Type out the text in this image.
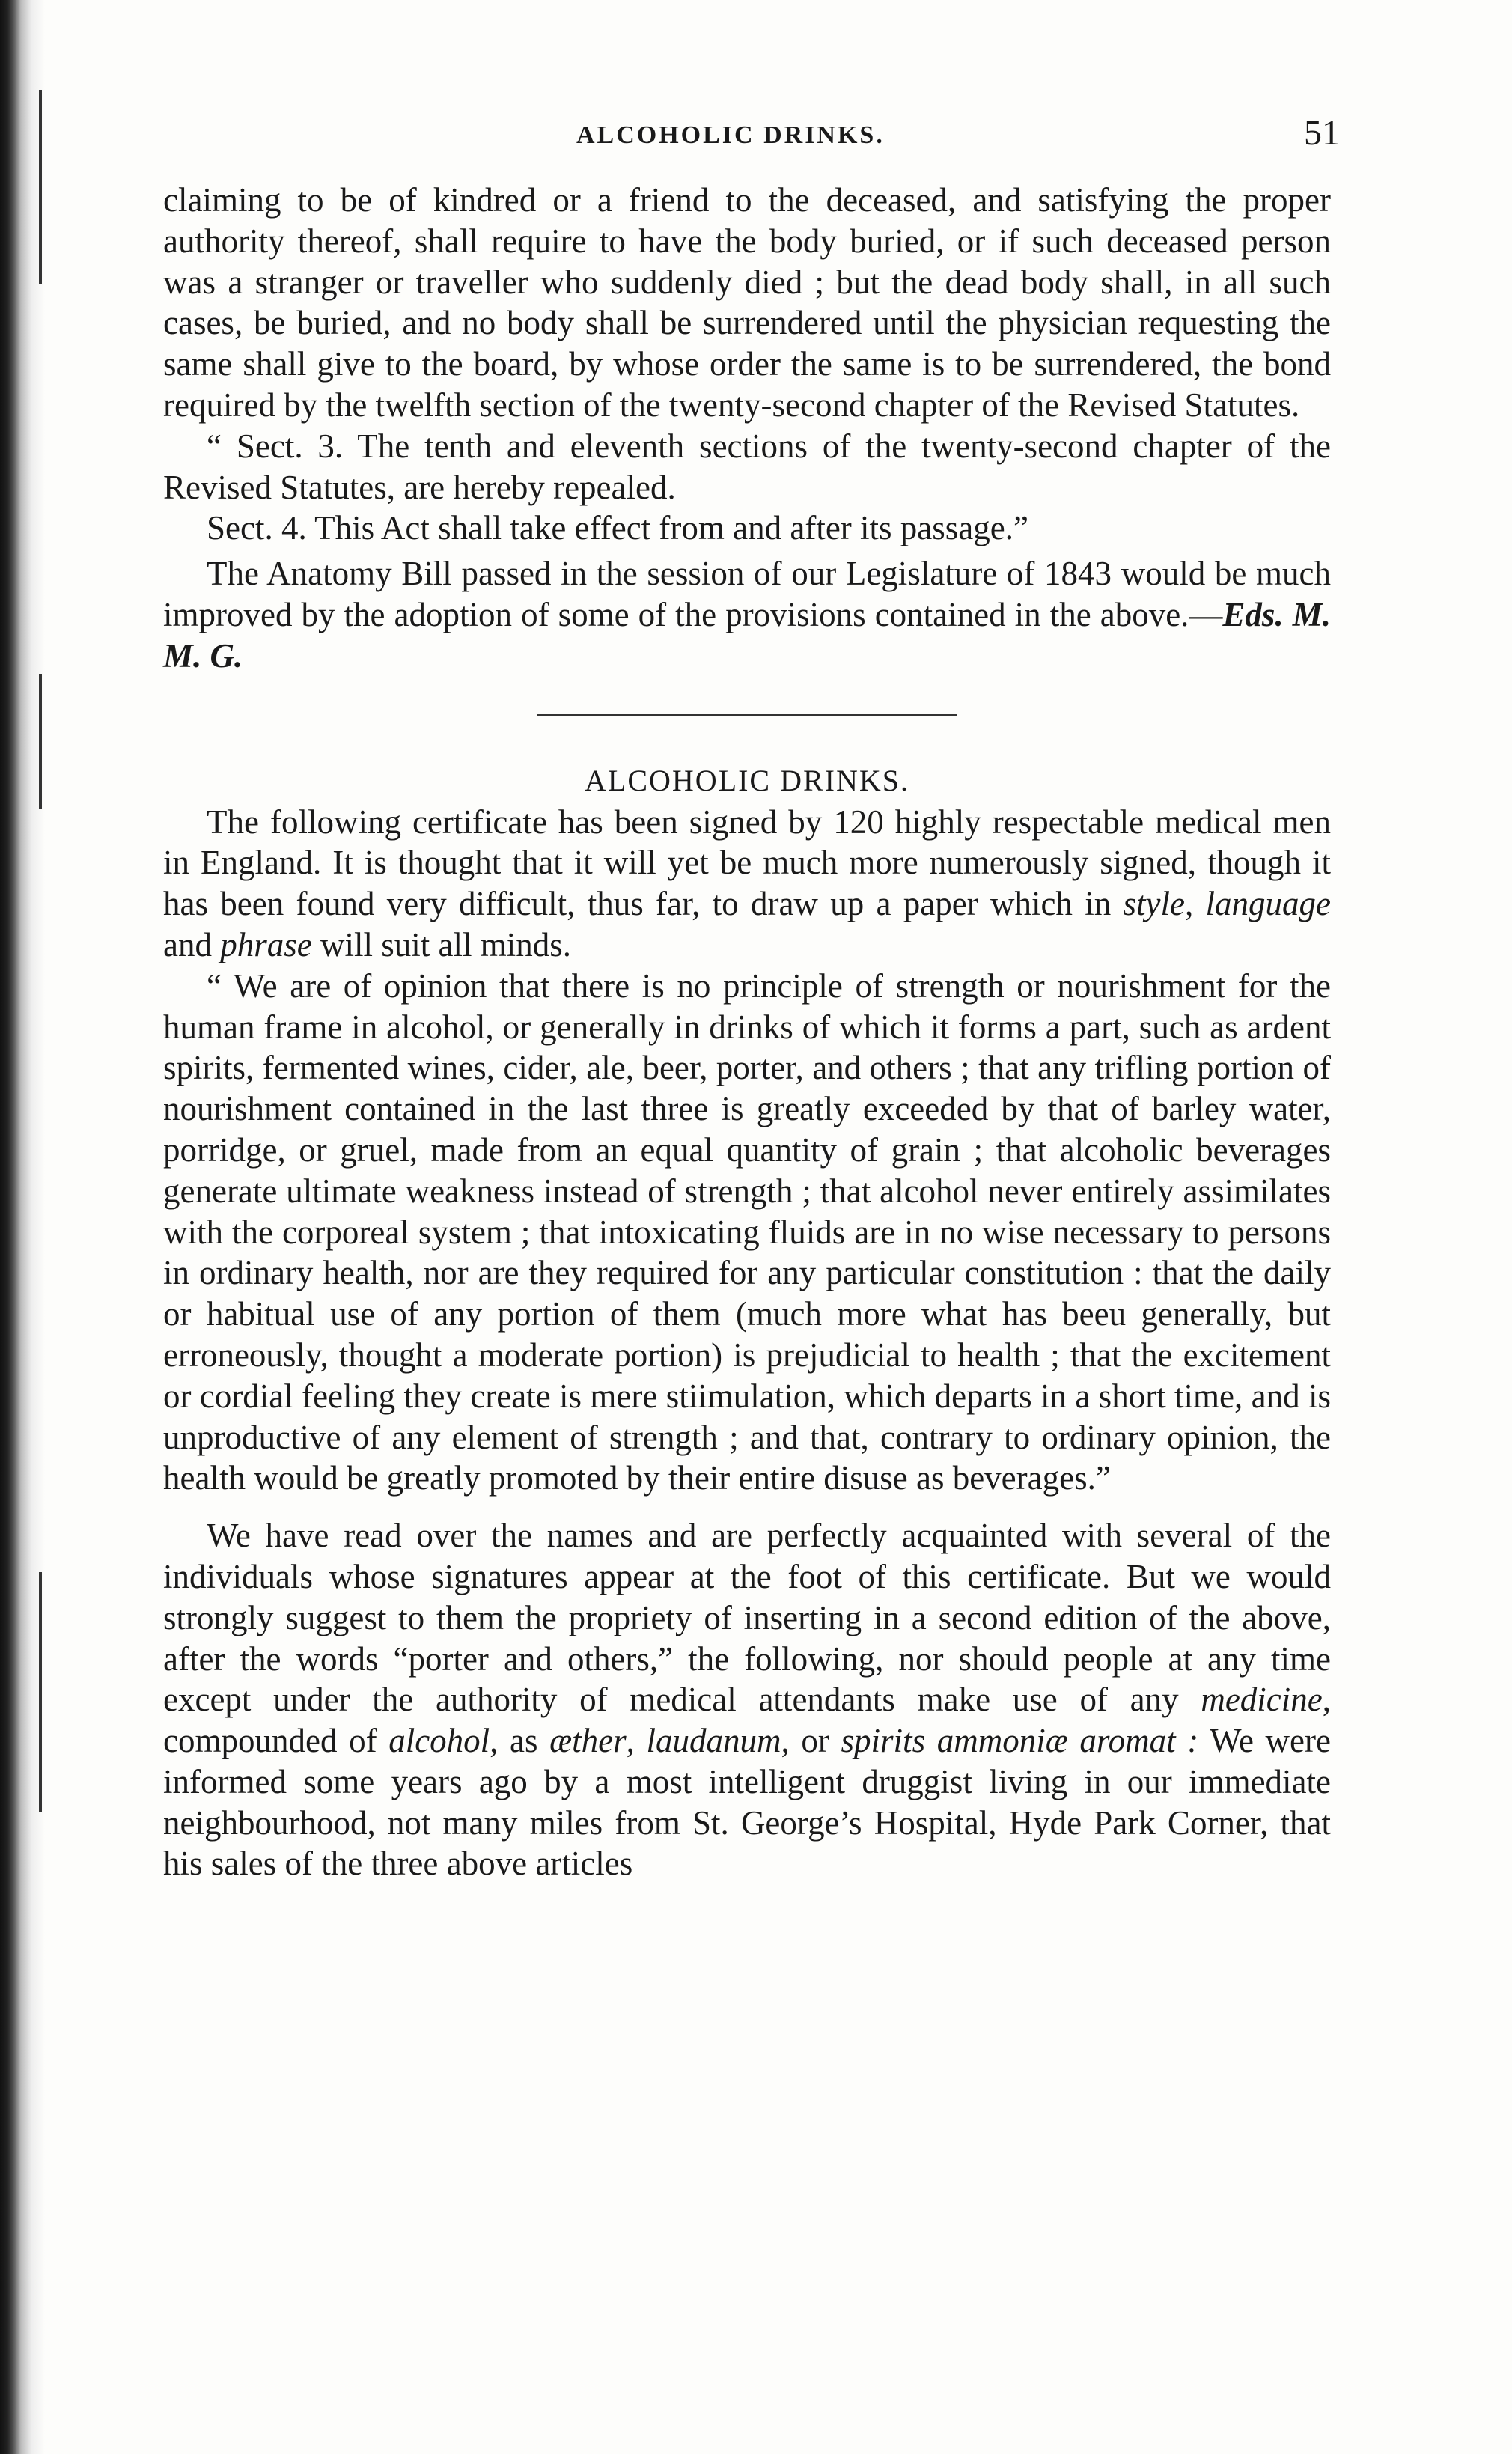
ALCOHOLIC DRINKS.	51

claiming to be of kindred or a friend to the deceased, and satisfying the proper authority thereof, shall require to have the body buried, or if such deceased person was a stranger or traveller who suddenly died ; but the dead body shall, in all such cases, be buried, and no body shall be surrendered until the physician requesting the same shall give to the board, by whose order the same is to be surrendered, the bond required by the twelfth section of the twenty-second chapter of the Revised Statutes.

“ Sect. 3. The tenth and eleventh sections of the twenty-second chapter of the Revised Statutes, are hereby repealed.

Sect. 4. This Act shall take effect from and after its passage.”

The Anatomy Bill passed in the session of our Legislature of 1843 would be much improved by the adoption of some of the provisions contained in the above.—Eds. M. M. G.

ALCOHOLIC DRINKS.

The following certificate has been signed by 120 highly respectable medical men in England. It is thought that it will yet be much more numerously signed, though it has been found very difficult, thus far, to draw up a paper which in style, language and phrase will suit all minds.

“ We are of opinion that there is no principle of strength or nourishment for the human frame in alcohol, or generally in drinks of which it forms a part, such as ardent spirits, fermented wines, cider, ale, beer, porter, and others ; that any trifling portion of nourishment contained in the last three is greatly exceeded by that of barley water, porridge, or gruel, made from an equal quantity of grain ; that alcoholic beverages generate ultimate weakness instead of strength ; that alcohol never entirely assimilates with the corporeal system ; that intoxicating fluids are in no wise necessary to persons in ordinary health, nor are they required for any particular constitution : that the daily or habitual use of any portion of them (much more what has beeu generally, but erroneously, thought a moderate portion) is prejudicial to health ; that the excitement or cordial feeling they create is mere stiimulation, which departs in a short time, and is unproductive of any element of strength ; and that, contrary to ordinary opinion, the health would be greatly promoted by their entire disuse as beverages.”

We have read over the names and are perfectly acquainted with several of the individuals whose signatures appear at the foot of this certificate. But we would strongly suggest to them the propriety of inserting in a second edition of the above, after the words “porter and others,” the following, nor should people at any time except under the authority of medical attendants make use of any medicine, compounded of alcohol, as æther, laudanum, or spirits ammoniæ aromat : We were informed some years ago by a most intelligent druggist living in our immediate neighbourhood, not many miles from St. George’s Hospital, Hyde Park Corner, that his sales of the three above articles
